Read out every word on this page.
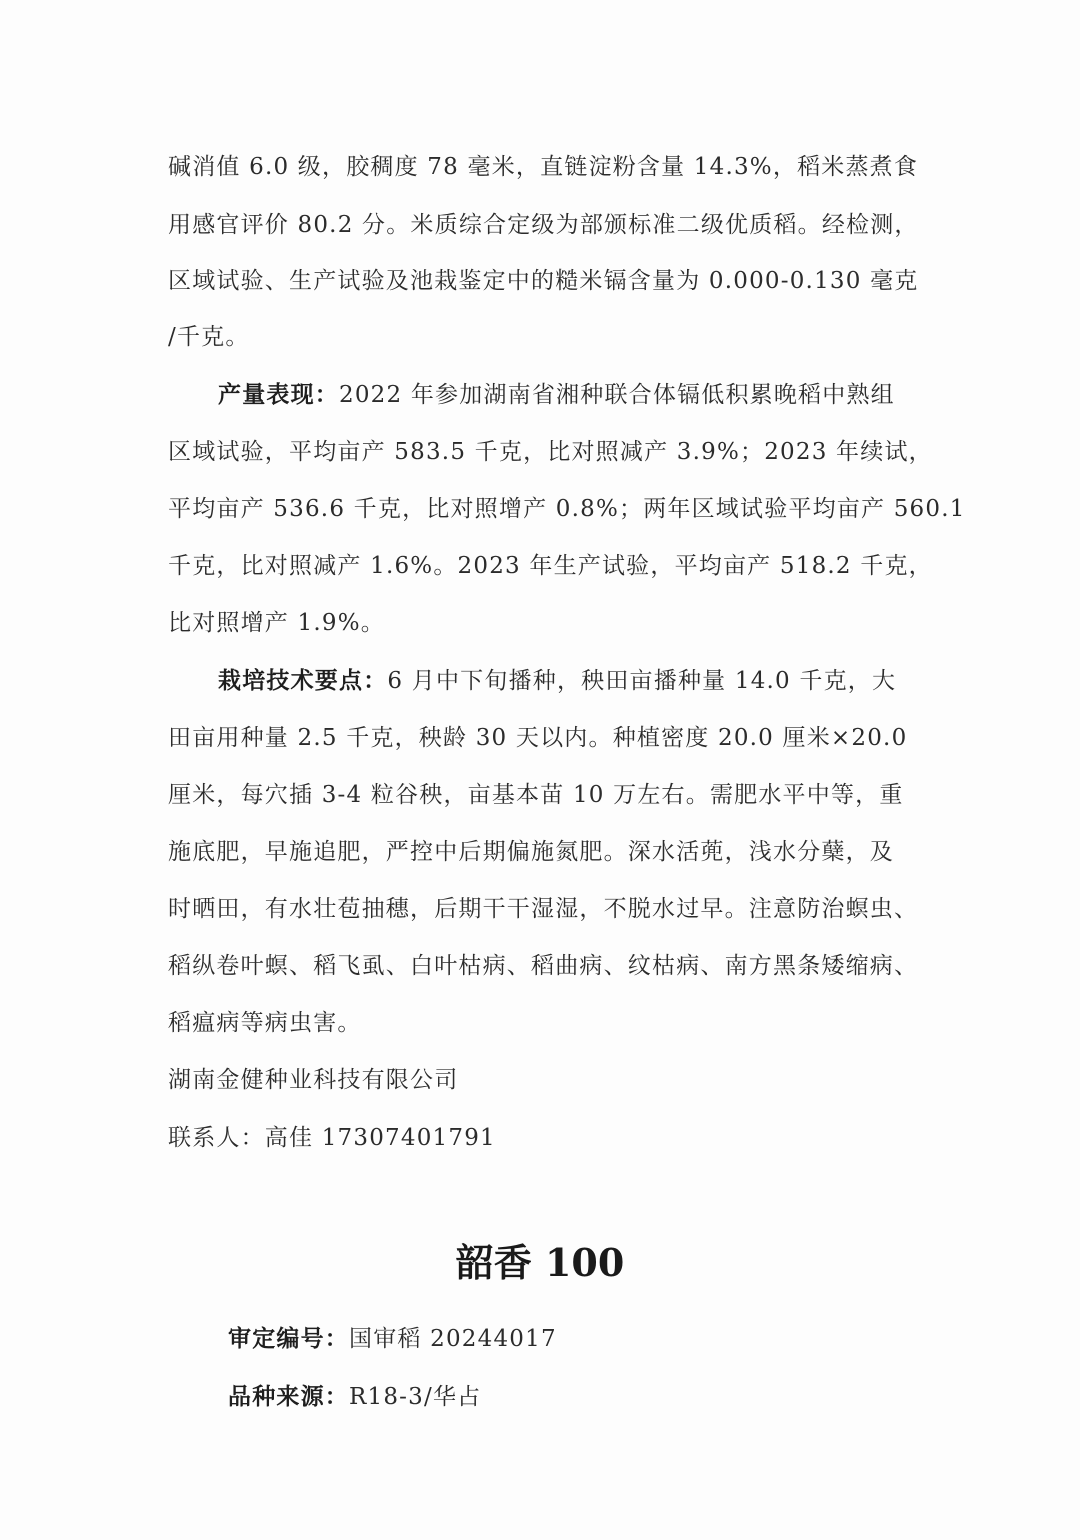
碱消值 6.0 级，胶稠度 78 毫米，直链淀粉含量 14.3%，稻米蒸煮食
用感官评价 80.2 分。米质综合定级为部颁标准二级优质稻。经检测，
区域试验、生产试验及池栽鉴定中的糙米镉含量为 0.000-0.130 毫克
/千克。
产量表现：2022 年参加湖南省湘种联合体镉低积累晚稻中熟组
区域试验，平均亩产 583.5 千克，比对照减产 3.9%；2023 年续试，
平均亩产 536.6 千克，比对照增产 0.8%；两年区域试验平均亩产 560.1
千克，比对照减产 1.6%。2023 年生产试验，平均亩产 518.2 千克，
比对照增产 1.9%。
栽培技术要点：6 月中下旬播种，秧田亩播种量 14.0 千克，大
田亩用种量 2.5 千克，秧龄 30 天以内。种植密度 20.0 厘米×20.0
厘米，每穴插 3-4 粒谷秧，亩基本苗 10 万左右。需肥水平中等，重
施底肥，早施追肥，严控中后期偏施氮肥。深水活蔸，浅水分蘖，及
时晒田，有水壮苞抽穗，后期干干湿湿，不脱水过早。注意防治螟虫、
稻纵卷叶螟、稻飞虱、白叶枯病、稻曲病、纹枯病、南方黑条矮缩病、
稻瘟病等病虫害。
湖南金健种业科技有限公司
联系人：高佳 17307401791
韶香 100
审定编号：国审稻 20244017
品种来源：R18-3/华占
